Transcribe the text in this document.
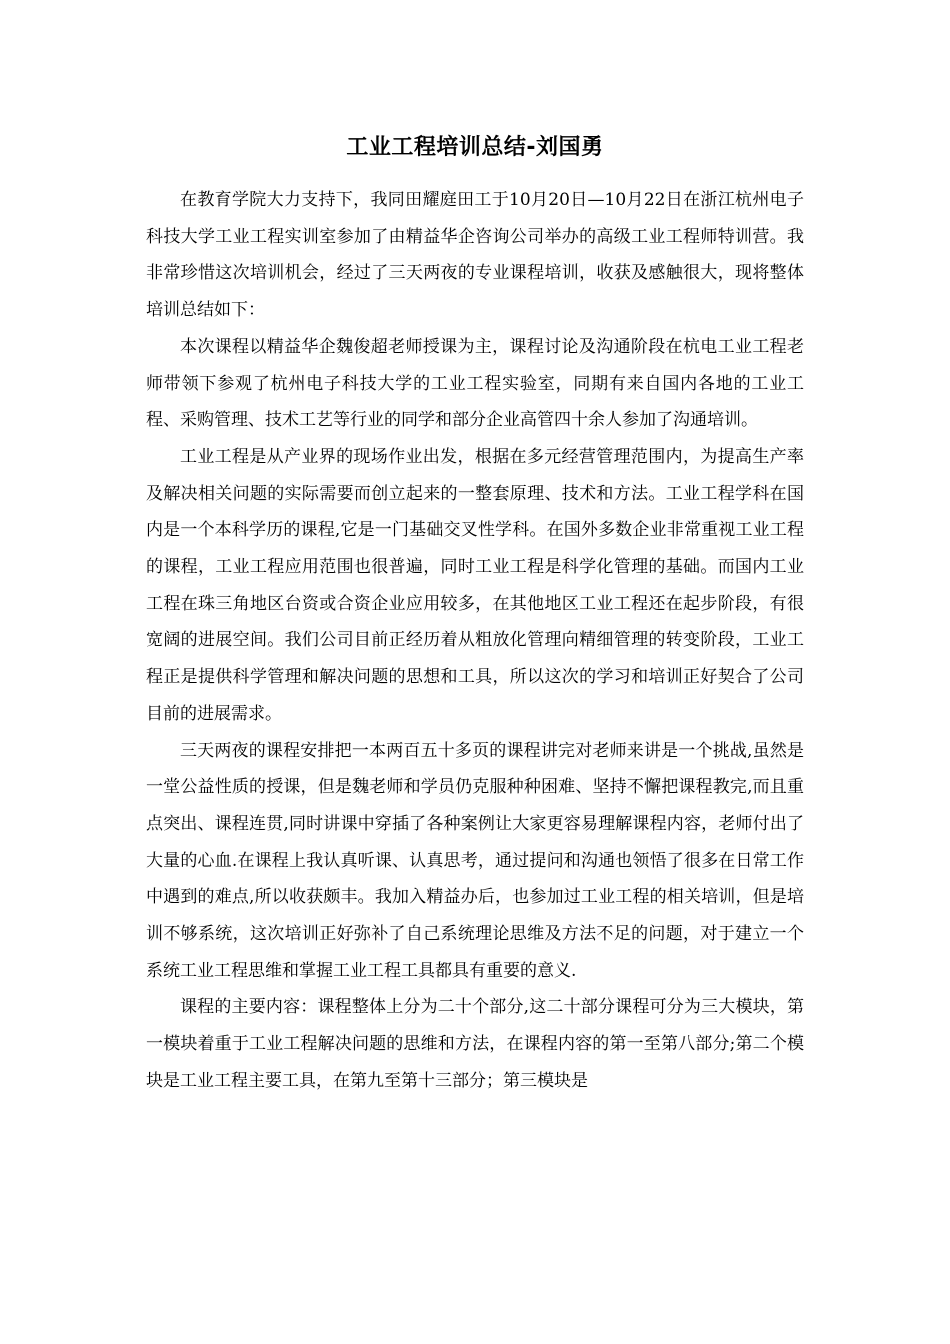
工业工程培训总结-刘国勇

在教育学院大力支持下，我同田耀庭田工于10月20日—10月22日在浙江杭州电子科技大学工业工程实训室参加了由精益华企咨询公司举办的高级工业工程师特训营。我非常珍惜这次培训机会，经过了三天两夜的专业课程培训，收获及感触很大，现将整体培训总结如下：

本次课程以精益华企魏俊超老师授课为主，课程讨论及沟通阶段在杭电工业工程老师带领下参观了杭州电子科技大学的工业工程实验室，同期有来自国内各地的工业工程、采购管理、技术工艺等行业的同学和部分企业高管四十余人参加了沟通培训。

工业工程是从产业界的现场作业出发，根据在多元经营管理范围内，为提高生产率及解决相关问题的实际需要而创立起来的一整套原理、技术和方法。工业工程学科在国内是一个本科学历的课程,它是一门基础交叉性学科。在国外多数企业非常重视工业工程的课程，工业工程应用范围也很普遍，同时工业工程是科学化管理的基础。而国内工业工程在珠三角地区台资或合资企业应用较多，在其他地区工业工程还在起步阶段，有很宽阔的进展空间。我们公司目前正经历着从粗放化管理向精细管理的转变阶段，工业工程正是提供科学管理和解决问题的思想和工具，所以这次的学习和培训正好契合了公司目前的进展需求。

三天两夜的课程安排把一本两百五十多页的课程讲完对老师来讲是一个挑战,虽然是一堂公益性质的授课，但是魏老师和学员仍克服种种困难、坚持不懈把课程教完,而且重点突出、课程连贯,同时讲课中穿插了各种案例让大家更容易理解课程内容，老师付出了大量的心血.在课程上我认真听课、认真思考，通过提问和沟通也领悟了很多在日常工作中遇到的难点,所以收获颇丰。我加入精益办后，也参加过工业工程的相关培训，但是培训不够系统，这次培训正好弥补了自己系统理论思维及方法不足的问题，对于建立一个系统工业工程思维和掌握工业工程工具都具有重要的意义.

课程的主要内容：课程整体上分为二十个部分,这二十部分课程可分为三大模块，第一模块着重于工业工程解决问题的思维和方法，在课程内容的第一至第八部分;第二个模块是工业工程主要工具，在第九至第十三部分；第三模块是
